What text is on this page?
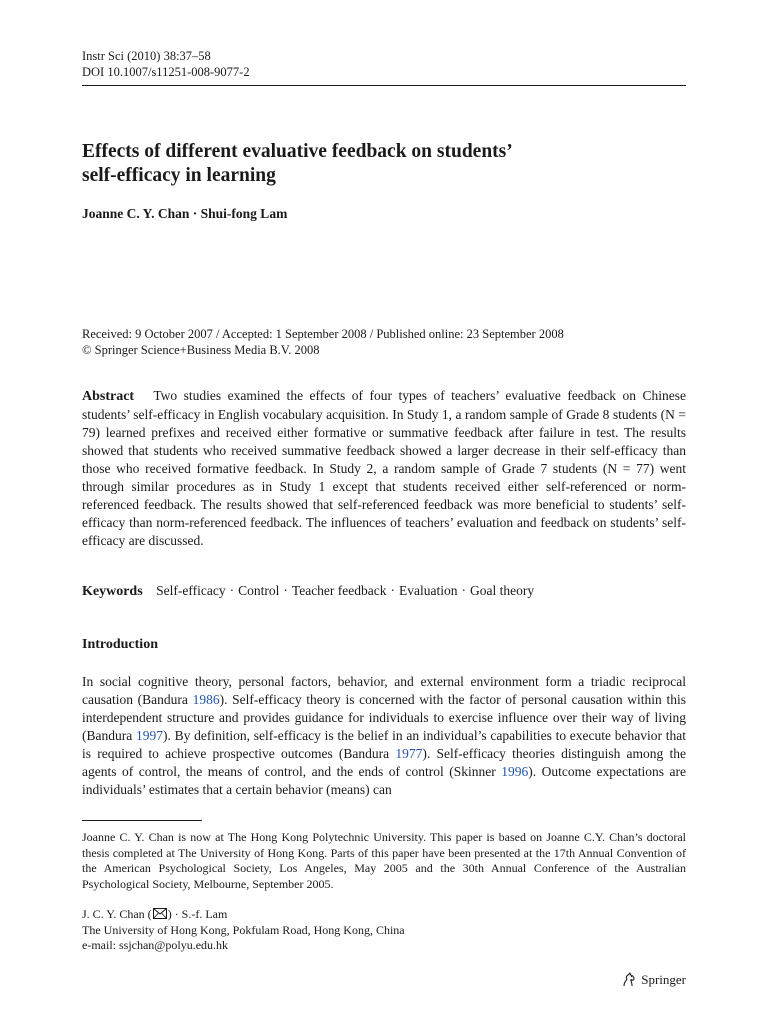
Instr Sci (2010) 38:37–58
DOI 10.1007/s11251-008-9077-2
Effects of different evaluative feedback on students’
self-efficacy in learning
Joanne C. Y. Chan · Shui-fong Lam
Received: 9 October 2007 / Accepted: 1 September 2008 / Published online: 23 September 2008
© Springer Science+Business Media B.V. 2008

Abstract Two studies examined the effects of four types of teachers’ evaluative feedback on Chinese students’ self-efficacy in English vocabulary acquisition. In Study 1, a random sample of Grade 8 students (N = 79) learned prefixes and received either formative or summative feedback after failure in test. The results showed that students who received summative feedback showed a larger decrease in their self-efficacy than those who received formative feedback. In Study 2, a random sample of Grade 7 students (N = 77) went through similar procedures as in Study 1 except that students received either self-referenced or norm-referenced feedback. The results showed that self-referenced feedback was more beneficial to students’ self-efficacy than norm-referenced feedback. The influences of teachers’ evaluation and feedback on students’ self-efficacy are discussed.

Keywords Self-efficacy · Control · Teacher feedback · Evaluation · Goal theory
Introduction

In social cognitive theory, personal factors, behavior, and external environment form a triadic reciprocal causation (Bandura 1986). Self-efficacy theory is concerned with the factor of personal causation within this interdependent structure and provides guidance for individuals to exercise influence over their way of living (Bandura 1997). By definition, self-efficacy is the belief in an individual’s capabilities to execute behavior that is required to achieve prospective outcomes (Bandura 1977). Self-efficacy theories distinguish among the agents of control, the means of control, and the ends of control (Skinner 1996). Outcome expectations are individuals’ estimates that a certain behavior (means) can

Joanne C. Y. Chan is now at The Hong Kong Polytechnic University. This paper is based on Joanne C.Y. Chan’s doctoral thesis completed at The University of Hong Kong. Parts of this paper have been presented at the 17th Annual Convention of the American Psychological Society, Los Angeles, May 2005 and the 30th Annual Conference of the Australian Psychological Society, Melbourne, September 2005.

J. C. Y. Chan ( ) · S.-f. Lam
The University of Hong Kong, Pokfulam Road, Hong Kong, China
e-mail: ssjchan@polyu.edu.hk
Springer
